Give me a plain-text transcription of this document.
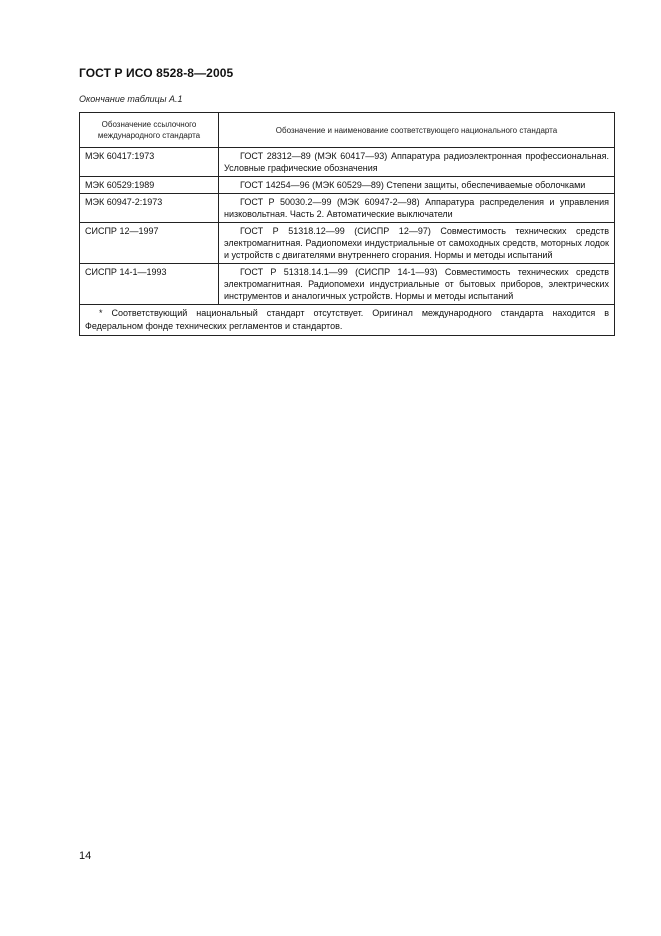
ГОСТ Р ИСО 8528-8—2005
Окончание таблицы А.1
Обозначение ссылочного международного стандарта	Обозначение и наименование соответствующего национального стандарта
МЭК 60417:1973	ГОСТ 28312—89 (МЭК 60417—93) Аппаратура радиоэлектронная профессиональная. Условные графические обозначения
МЭК 60529:1989	ГОСТ 14254—96 (МЭК 60529—89) Степени защиты, обеспечиваемые оболочками
МЭК 60947-2:1973	ГОСТ Р 50030.2—99 (МЭК 60947-2—98) Аппаратура распределения и управления низковольтная. Часть 2. Автоматические выключатели
СИСПР 12—1997	ГОСТ Р 51318.12—99 (СИСПР 12—97) Совместимость технических средств электромагнитная. Радиопомехи индустриальные от самоходных средств, моторных лодок и устройств с двигателями внутреннего сгорания. Нормы и методы испытаний
СИСПР 14-1—1993	ГОСТ Р 51318.14.1—99 (СИСПР 14-1—93) Совместимость технических средств электромагнитная. Радиопомехи индустриальные от бытовых приборов, электрических инструментов и аналогичных устройств. Нормы и методы испытаний
* Соответствующий национальный стандарт отсутствует. Оригинал международного стандарта находится в Федеральном фонде технических регламентов и стандартов.	
14
